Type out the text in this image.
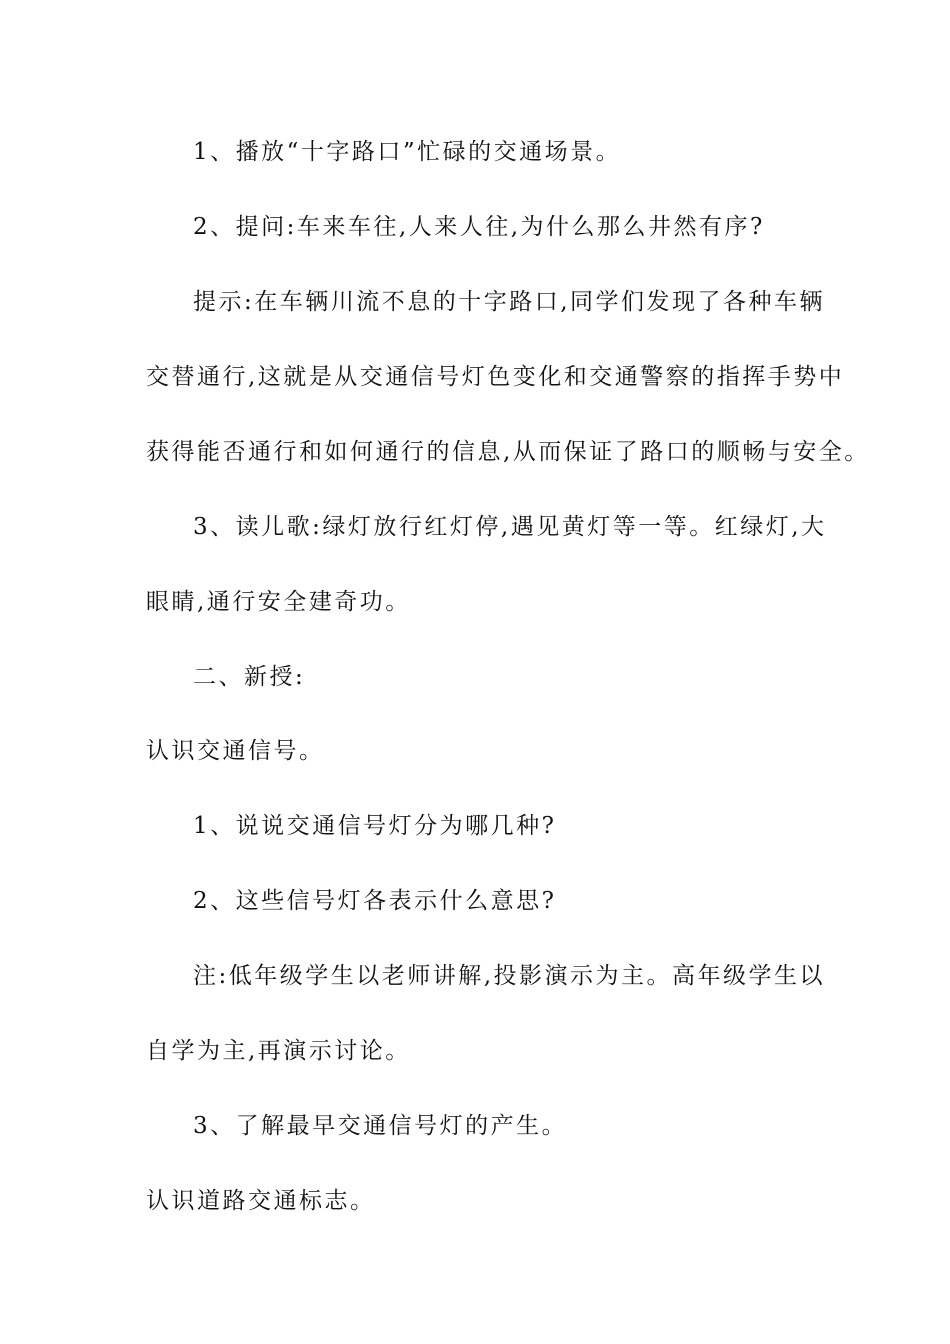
1、播放“十字路口”忙碌的交通场景。
2、提问:车来车往,人来人往,为什么那么井然有序?
提示:在车辆川流不息的十字路口,同学们发现了各种车辆
交替通行,这就是从交通信号灯色变化和交通警察的指挥手势中
获得能否通行和如何通行的信息,从而保证了路口的顺畅与安全。
3、读儿歌:绿灯放行红灯停,遇见黄灯等一等。红绿灯,大
眼睛,通行安全建奇功。
二、新授:
认识交通信号。
1、说说交通信号灯分为哪几种?
2、这些信号灯各表示什么意思?
注:低年级学生以老师讲解,投影演示为主。高年级学生以
自学为主,再演示讨论。
3、了解最早交通信号灯的产生。
认识道路交通标志。
